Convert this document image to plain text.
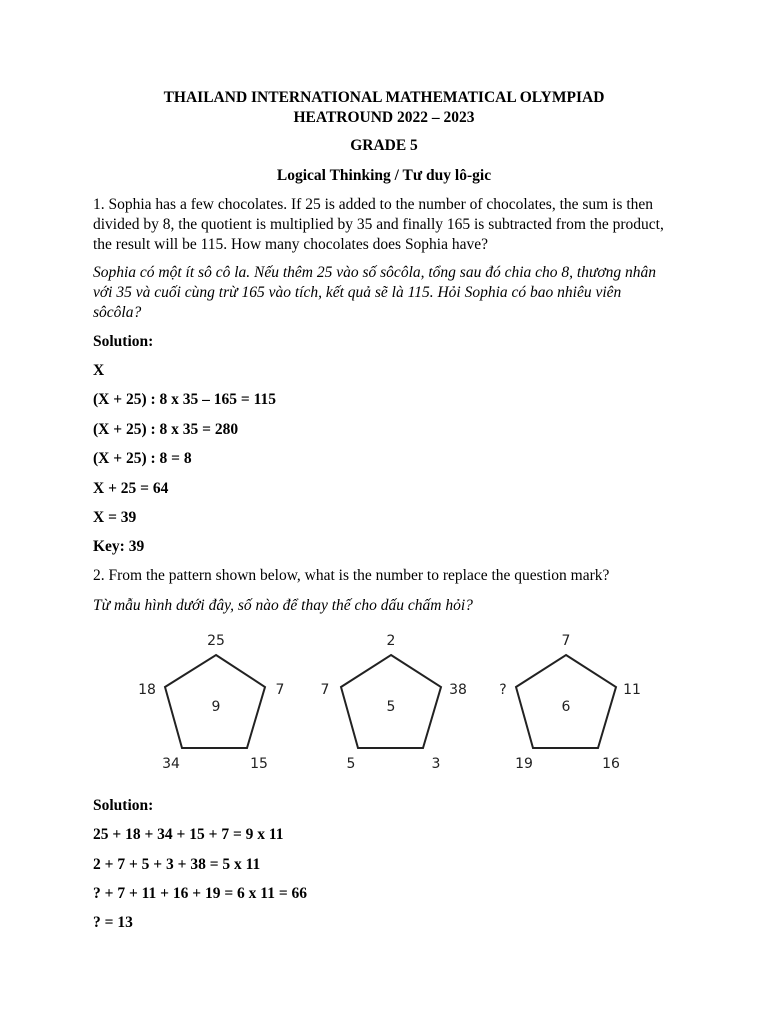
THAILAND INTERNATIONAL MATHEMATICAL OLYMPIAD

HEATROUND 2022 – 2023

GRADE 5

Logical Thinking / Tư duy lô-gic

1. Sophia has a few chocolates. If 25 is added to the number of chocolates, the sum is then divided by 8, the quotient is multiplied by 35 and finally 165 is subtracted from the product, the result will be 115. How many chocolates does Sophia have?

Sophia có một ít sô cô la. Nếu thêm 25 vào số sôcôla, tổng sau đó chia cho 8, thương nhân với 35 và cuối cùng trừ 165 vào tích, kết quả sẽ là 115. Hỏi Sophia có bao nhiêu viên sôcôla?

Solution:

X

(X + 25) : 8 x 35 – 165 = 115

(X + 25) : 8 x 35 = 280

(X + 25) : 8 = 8

X + 25 = 64

X = 39

Key: 39

2. From the pattern shown below, what is the number to replace the question mark?

Từ mẫu hình dưới đây, số nào để thay thế cho dấu chấm hỏi?

25
18	7
9
34	15
2
7	38
5
5	3
7
?	11
6
19	16

Solution:

25 + 18 + 34 + 15 + 7 = 9 x 11

2 + 7 + 5 + 3 + 38 = 5 x 11

? + 7 + 11 + 16 + 19 = 6 x 11 = 66

? = 13
